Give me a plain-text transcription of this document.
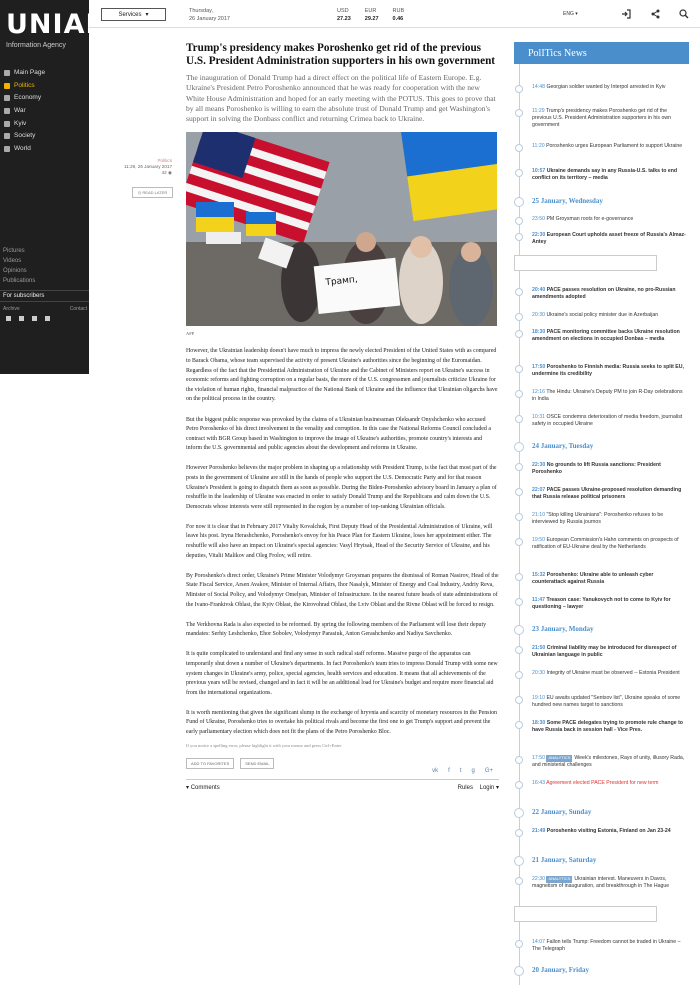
UNIAN
Information Agency
Main Page
Politics
Economy
War
Kyiv
Society
World
Pictures
Videos
Opinions
Publications
For subscribers
Archive	Contact
Services ▾
Thursday,
26 January 2017
USD
27.23
EUR
29.27
RUB
0.46
ENG ▾
Politics
11:29, 26 January 2017
42 ◉
◷
READ LATER
Trump's presidency makes Poroshenko get rid of the previous U.S. President Administration supporters in his own government
The inauguration of Donald Trump had a direct effect on the political life of Eastern Europe. E.g. Ukraine's President Petro Poroshenko announced that he was ready for cooperation with the new White House Administration and hoped for an early meeting with the POTUS. This goes to prove that by all means Poroshenko is willing to earn the absolute trust of Donald Trump and get Washington's support in solving the Donbass conflict and returning Crimea back to Ukraine.
Трамп,
AFP

However, the Ukrainian leadership doesn't have much to impress the newly elected President of the United States with as compared to Barack Obama, whose team supervised the activity of present Ukraine's authorities since the beginning of the Euromaidan. Regardless of the fact that the Presidential Administration of Ukraine and the Cabinet of Ministers report on Ukraine's success in economic reforms and fighting corruption on a regular basis, the more of the U.S. congressmen and journalists criticize Ukraine for the violation of human rights, financial malpractice of the National Bank of Ukraine and the influence that Ukrainian oligarchs have on the political process in the country.

But the biggest public response was provoked by the claims of a Ukrainian businessman Oleksandr Onyshchenko who accused Petro Poroshenko of his direct involvement in the venality and corruption. In this case the National Reforms Council concluded a contract with BGR Group based in Washington to improve the image of Ukraine's authorities, promote country's interests and inform the U.S. governmental and public agencies about the development and reforms in Ukraine.

However Poroshenko believes the major problem in shaping up a relationship with President Trump, is the fact that most part of the posts in the government of Ukraine are still in the hands of people who support the U.S. Democratic Party and for that reason Ukraine's President is going to dispatch them as soon as possible. During the Biden-Poroshenko advisory board in January a plan of reshuffle in the leadership of Ukraine was enacted in order to satisfy Donald Trump and the Republicans and calm down the U.S. Democrats whose interests were still represented in the region by a number of top-ranking Ukrainian officials.

For now it is clear that in February 2017 Vitaliy Kovalchuk, First Deputy Head of the Presidential Administration of Ukraine, will leave his post. Iryna Herashchenko, Poroshenko's envoy for his Peace Plan for Eastern Ukraine, loses her appointment either. The reshuffle will also have an impact on Ukraine's special agencies: Vasyl Hrytsak, Head of the Security Service of Ukraine, and his deputies, Vitalii Malikov and Oleg Frolov, will retire.

By Poroshenko's direct order, Ukraine's Prime Minister Volodymyr Groysman prepares the dismissal of Roman Nasirov, Head of the State Fiscal Service, Arsen Avakov, Minister of Internal Affairs, Ihor Nasalyk, Minister of Energy and Coal Industry, Andriy Reva, Minister of Social Policy, and Volodymyr Omelyan, Minister of Infrastructure. In the nearest future heads of state administrations of the Ivano-Frankivsk Oblast, the Kyiv Oblast, the Kirovohrad Oblast, the Lviv Oblast and the Rivne Oblast will be forced to resign.

The Verkhovna Rada is also expected to be reformed. By spring the following members of the Parliament will lose their deputy mandates: Serhiy Leshchenko, Ehor Sobolev, Volodymyr Parasiuk, Anton Gerashchenko and Nadiya Savchenko.

It is quite complicated to understand and find any sense in such radical staff reforms. Massive purge of the apparatus can temporarily shut down a number of Ukraine's departments. In fact Poroshenko's team tries to impress Donald Trump with some new system changes in Ukraine's army, police, special agencies, health services and education. It means that all achievements of the previous years will be revised, changed and in fact it will be an additional load for Ukraine's budget and require more financial aid from the international organizations.

It is worth mentioning that given the significant slump in the exchange of hryvnia and scarcity of monetary resources in the Pension Fund of Ukraine, Poroshenko tries to overtake his political rivals and become the first one to get Trump's support and prevent the early parliamentary election which does not fit the plans of the Petro Poroshenko Bloc.

If you notice a spelling error, please highlight it with your mouse and press Ctrl+Enter
ADD TO FAVORITES	SEND EMAIL
vk f t g G+
▾ Comments	Rules Login ▾
PolITics News
14:48 Georgian soldier wanted by Interpol arrested in Kyiv
11:29 Trump's presidency makes Poroshenko get rid of the previous U.S. President Administration supporters in his own government
11:20 Poroshenko urges European Parliament to support Ukraine
10:57 Ukraine demands say in any Russia-U.S. talks to end conflict on its territory – media
23:50 PM Groysman roots for e-governance
22:30 European Court upholds asset freeze of Russia's Almaz-Antey
20:40 PACE passes resolution on Ukraine, no pro-Russian amendments adopted
20:30 Ukraine's social policy minister due in Azerbaijan
18:30 PACE monitoring committee backs Ukraine resolution amendment on elections in occupied Donbas – media
17:50 Poroshenko to Finnish media: Russia seeks to split EU, undermine its credibility
12:16 The Hindu: Ukraine's Deputy PM to join R-Day celebrations in India
10:31 OSCE condemns deterioration of media freedom, journalist safety in occupied Ukraine
22:30 No grounds to lift Russia sanctions: President Poroshenko
22:07 PACE passes Ukraine-proposed resolution demanding that Russia release political prisoners
21:10 "Stop killing Ukrainians": Poroshenko refuses to be interviewed by Russia journos
19:50 European Commission's Hahn comments on prospects of ratification of EU-Ukraine deal by the Netherlands
15:32 Poroshenko: Ukraine able to unleash cyber counterattack against Russia
11:47 Treason case: Yanukovych not to come to Kyiv for questioning – lawyer
21:50 Criminal liability may be introduced for disrespect of Ukrainian language in public
20:30 Integrity of Ukraine must be observed -- Estonia President
19:10 EU awaits updated "Sentsov list", Ukraine speaks of some hundred new names target to sanctions
18:30 Some PACE delegates trying to promote rule change to have Russia back in session hall - Vice Pres.
17:50 ANALYTICS Week's milestones, Rays of unity, illusory Rada, and ministerial challenges
16:43 Agreement elected PACE President for new term
21:49 Poroshenko visiting Estonia, Finland on Jan 23-24
22:30 ANALYTICS Ukrainian interest. Maneuvers in Davos, magnetism of inauguration, and breakthrough in The Hague
14:07 Fallon tells Trump: Freedom cannot be traded in Ukraine – The Telegraph
25 January, Wednesday
24 January, Tuesday
23 January, Monday
22 January, Sunday
21 January, Saturday
20 January, Friday
